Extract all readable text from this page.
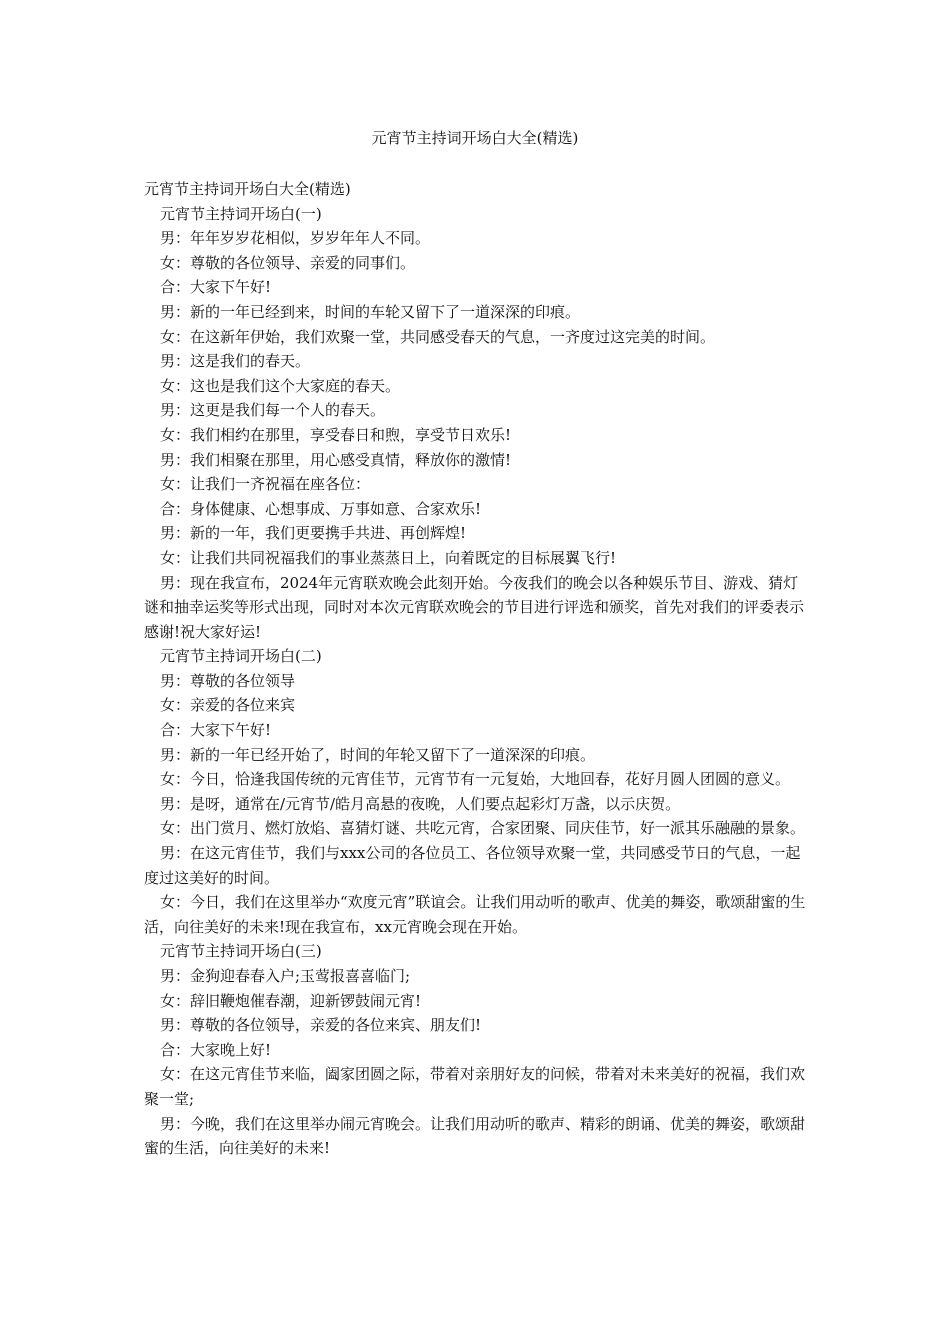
元宵节主持词开场白大全(精选)

元宵节主持词开场白大全(精选)

元宵节主持词开场白(一)

男：年年岁岁花相似，岁岁年年人不同。

女：尊敬的各位领导、亲爱的同事们。

合：大家下午好!

男：新的一年已经到来，时间的车轮又留下了一道深深的印痕。

女：在这新年伊始，我们欢聚一堂，共同感受春天的气息，一齐度过这完美的时间。

男：这是我们的春天。

女：这也是我们这个大家庭的春天。

男：这更是我们每一个人的春天。

女：我们相约在那里，享受春日和煦，享受节日欢乐!

男：我们相聚在那里，用心感受真情，释放你的激情!

女：让我们一齐祝福在座各位：

合：身体健康、心想事成、万事如意、合家欢乐!

男：新的一年，我们更要携手共进、再创辉煌!

女：让我们共同祝福我们的事业蒸蒸日上，向着既定的目标展翼飞行!

男：现在我宣布，2024年元宵联欢晚会此刻开始。今夜我们的晚会以各种娱乐节目、游戏、猜灯谜和抽幸运奖等形式出现，同时对本次元宵联欢晚会的节目进行评选和颁奖，首先对我们的评委表示感谢!祝大家好运!

元宵节主持词开场白(二)

男：尊敬的各位领导

女：亲爱的各位来宾

合：大家下午好!

男：新的一年已经开始了，时间的年轮又留下了一道深深的印痕。

女：今日，恰逢我国传统的元宵佳节，元宵节有一元复始，大地回春，花好月圆人团圆的意义。

男：是呀，通常在/元宵节/皓月高悬的夜晚，人们要点起彩灯万盏，以示庆贺。

女：出门赏月、燃灯放焰、喜猜灯谜、共吃元宵，合家团聚、同庆佳节，好一派其乐融融的景象。

男：在这元宵佳节，我们与xxx公司的各位员工、各位领导欢聚一堂，共同感受节日的气息，一起度过这美好的时间。

女：今日，我们在这里举办“欢度元宵”联谊会。让我们用动听的歌声、优美的舞姿，歌颂甜蜜的生活，向往美好的未来!现在我宣布，xx元宵晚会现在开始。

元宵节主持词开场白(三)

男：金狗迎春春入户;玉莺报喜喜临门;

女：辞旧鞭炮催春潮，迎新锣鼓闹元宵!

男：尊敬的各位领导，亲爱的各位来宾、朋友们!

合：大家晚上好!

女：在这元宵佳节来临，阖家团圆之际，带着对亲朋好友的问候，带着对未来美好的祝福，我们欢聚一堂;

男：今晚，我们在这里举办闹元宵晚会。让我们用动听的歌声、精彩的朗诵、优美的舞姿，歌颂甜蜜的生活，向往美好的未来!
